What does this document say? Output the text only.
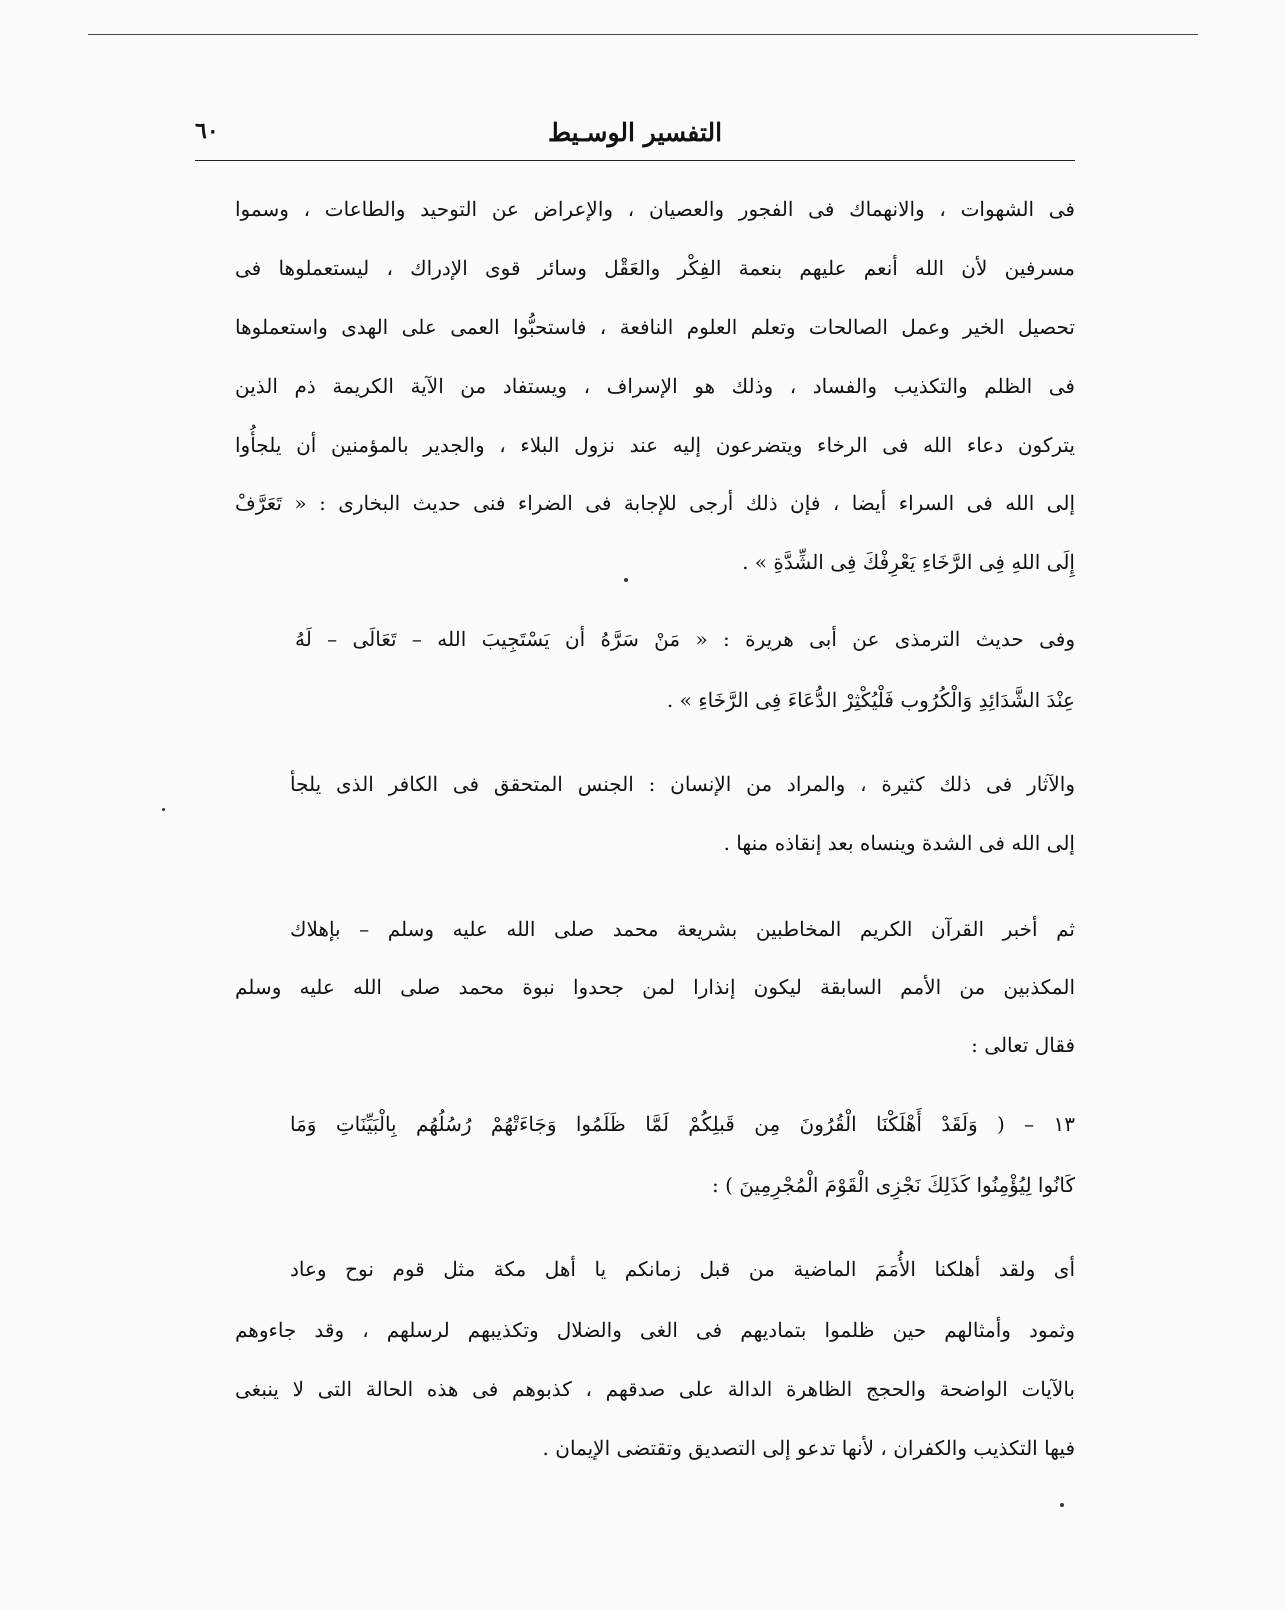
٦٠	التفسير الوسـيط
فى الشهوات ، والانهماك فى الفجور والعصيان ، والإعراض عن التوحيد والطاعات ، وسموا
مسرفين لأن الله أنعم عليهم بنعمة الفِكْر والعَقْل وسائر قوى الإدراك ، ليستعملوها فى
تحصيل الخير وعمل الصالحات وتعلم العلوم النافعة ، فاستحبُّوا العمى على الهدى واستعملوها
فى الظلم والتكذيب والفساد ، وذلك هو الإسراف ، ويستفاد من الآية الكريمة ذم الذين
يتركون دعاء الله فى الرخاء ويتضرعون إليه عند نزول البلاء ، والجدير بالمؤمنين أن يلجأُوا
إلى الله فى السراء أيضا ، فإن ذلك أرجى للإجابة فى الضراء فنى حديث البخارى : « تَعَرَّفْ
إِلَى اللهِ فِى الرَّخَاءِ يَعْرِفْكَ فِى الشِّدَّةِ » .
وفى حديث الترمذى عن أبى هريرة : « مَنْ سَرَّهُ أن يَسْتَجِيبَ الله – تَعَالَى – لَهُ
عِنْدَ الشَّدَائِدِ وَالْكُرُوب فَلْيُكْثِرْ الدُّعَاءَ فِى الرَّخَاءِ » .
والآثار فى ذلك كثيرة ، والمراد من الإنسان : الجنس المتحقق فى الكافر الذى يلجأ
إلى الله فى الشدة وينساه بعد إنقاذه منها .
ثم أخبر القرآن الكريم المخاطبين بشريعة محمد صلى الله عليه وسلم – بإهلاك
المكذبين من الأمم السابقة ليكون إنذارا لمن جحدوا نبوة محمد صلى الله عليه وسلم
فقال تعالى :
١٣ – ( وَلَقَدْ أَهْلَكْنَا الْقُرُونَ مِن قَبلِكُمْ لَمَّا ظَلَمُوا وَجَاءَتْهُمْ رُسُلُهُم بِالْبَيِّنَاتِ وَمَا
كَانُوا لِيُؤْمِنُوا كَذَلِكَ نَجْزِى الْقَوْمَ الْمُجْرِمِينَ ) :
أى ولقد أهلكنا الأُمَمَ الماضية من قبل زمانكم يا أهل مكة مثل قوم نوح وعاد
وثمود وأمثالهم حين ظلموا بتماديهم فى الغى والضلال وتكذيبهم لرسلهم ، وقد جاءوهم
بالآيات الواضحة والحجج الظاهرة الدالة على صدقهم ، كذبوهم فى هذه الحالة التى لا ينبغى
فيها التكذيب والكفران ، لأنها تدعو إلى التصديق وتقتضى الإيمان .
